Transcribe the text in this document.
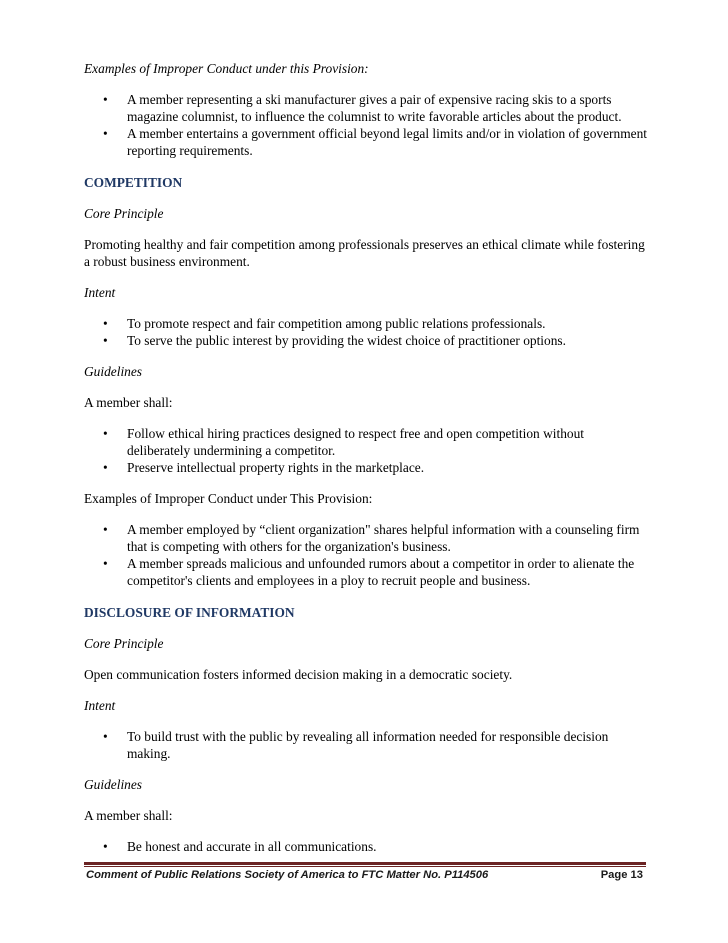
Examples of Improper Conduct under this Provision:

• A member representing a ski manufacturer gives a pair of expensive racing skis to a sports magazine columnist, to influence the columnist to write favorable articles about the product.
• A member entertains a government official beyond legal limits and/or in violation of government reporting requirements.

COMPETITION

Core Principle

Promoting healthy and fair competition among professionals preserves an ethical climate while fostering a robust business environment.

Intent

• To promote respect and fair competition among public relations professionals.
• To serve the public interest by providing the widest choice of practitioner options.

Guidelines

A member shall:

• Follow ethical hiring practices designed to respect free and open competition without deliberately undermining a competitor.
• Preserve intellectual property rights in the marketplace.

Examples of Improper Conduct under This Provision:

• A member employed by “client organization" shares helpful information with a counseling firm that is competing with others for the organization's business.
• A member spreads malicious and unfounded rumors about a competitor in order to alienate the competitor's clients and employees in a ploy to recruit people and business.

DISCLOSURE OF INFORMATION

Core Principle

Open communication fosters informed decision making in a democratic society.

Intent

• To build trust with the public by revealing all information needed for responsible decision making.

Guidelines

A member shall:

• Be honest and accurate in all communications.
Comment of Public Relations Society of America to FTC Matter No. P114506	Page 13
